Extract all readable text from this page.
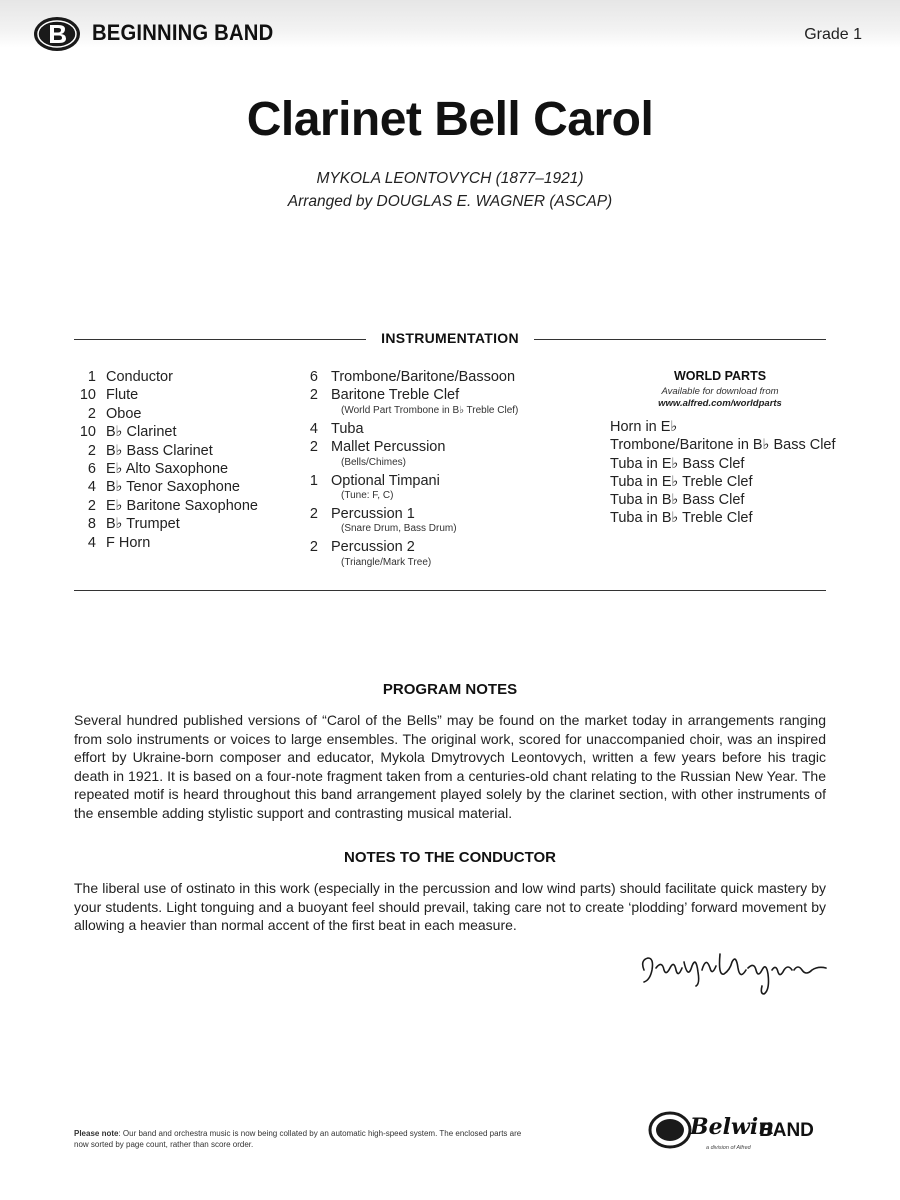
BEGINNING BAND	Grade 1
Clarinet Bell Carol
MYKOLA LEONTOVYCH (1877–1921)
Arranged by DOUGLAS E. WAGNER (ASCAP)
INSTRUMENTATION
1 Conductor
10 Flute
2 Oboe
10 B♭ Clarinet
2 B♭ Bass Clarinet
6 E♭ Alto Saxophone
4 B♭ Tenor Saxophone
2 E♭ Baritone Saxophone
8 B♭ Trumpet
4 F Horn
6 Trombone/Baritone/Bassoon
2 Baritone Treble Clef
(World Part Trombone in B♭ Treble Clef)
4 Tuba
2 Mallet Percussion
(Bells/Chimes)
1 Optional Timpani
(Tune: F, C)
2 Percussion 1
(Snare Drum, Bass Drum)
2 Percussion 2
(Triangle/Mark Tree)
WORLD PARTS
Available for download from
www.alfred.com/worldparts
Horn in E♭
Trombone/Baritone in B♭ Bass Clef
Tuba in E♭ Bass Clef
Tuba in E♭ Treble Clef
Tuba in B♭ Bass Clef
Tuba in B♭ Treble Clef
PROGRAM NOTES
Several hundred published versions of “Carol of the Bells” may be found on the market today in arrangements ranging from solo instruments or voices to large ensembles. The original work, scored for unaccompanied choir, was an inspired effort by Ukraine-born composer and educator, Mykola Dmytrovych Leontovych, written a few years before his tragic death in 1921. It is based on a four-note fragment taken from a centuries-old chant relating to the Russian New Year. The repeated motif is heard throughout this band arrangement played solely by the clarinet section, with other instruments of the ensemble adding stylistic support and contrasting musical material.
NOTES TO THE CONDUCTOR
The liberal use of ostinato in this work (especially in the percussion and low wind parts) should facilitate quick mastery by your students. Light tonguing and a buoyant feel should prevail, taking care not to create ‘plodding’ forward movement by allowing a heavier than normal accent of the first beat in each measure.
Please note: Our band and orchestra music is now being collated by an automatic high-speed system. The enclosed parts are now sorted by page count, rather than score order.
Belwin
BAND
a division of Alfred
